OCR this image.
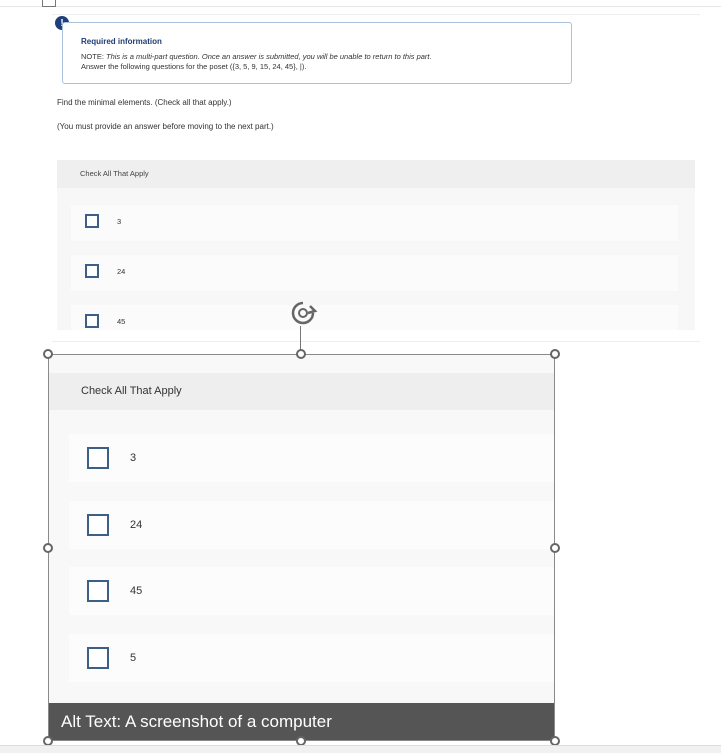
Required information
NOTE: This is a multi-part question. Once an answer is submitted, you will be unable to return to this part.
Answer the following questions for the poset ({3, 5, 9, 15, 24, 45}, |).
Find the minimal elements. (Check all that apply.)
(You must provide an answer before moving to the next part.)
Check All That Apply
3
24
45
Check All That Apply
3
24
45
5
Alt Text: A screenshot of a computer
